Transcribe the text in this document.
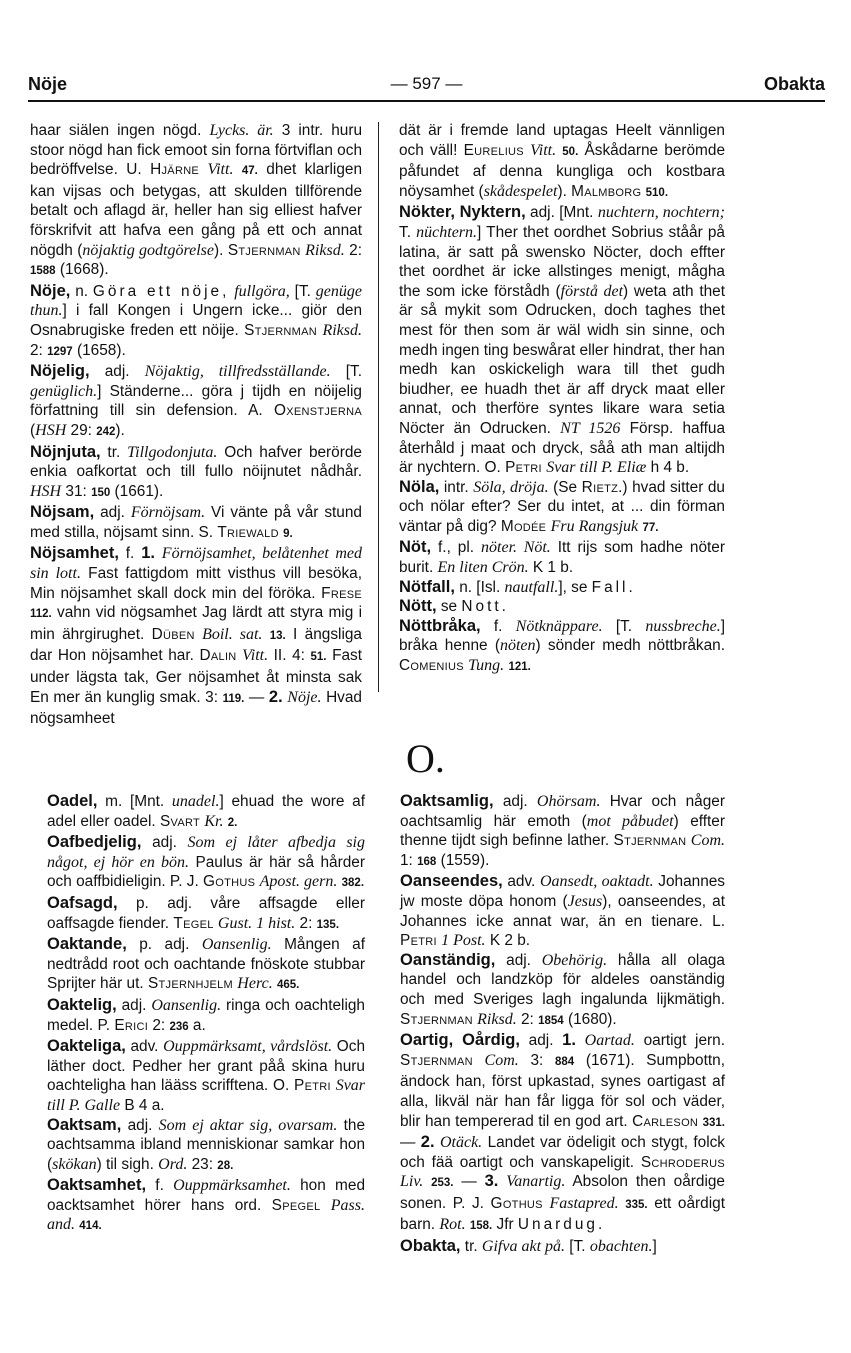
Nöje	— 597 —	Obakta

haar siälen ingen nögd. Lycks. är. 3 intr. huru stoor nögd han fick emoot sin forna förtviflan och bedröffvelse. U. Hjärne Vitt. 47. dhet klarligen kan vijsas och betygas, att skulden tillförende betalt och aflagd är, heller han sig elliest hafver förskrifvit att hafva een gång på ett och annat nögdh (nöjaktig godtgörelse). Stjernman Riksd. 2: 1588 (1668).

Nöje, n. Göra ett nöje, fullgöra, [T. genüge thun.] i fall Kongen i Ungern icke... giör den Osnabrugiske freden ett nöije. Stjernman Riksd. 2: 1297 (1658).

Nöjelig, adj. Nöjaktig, tillfredsställande. [T. genüglich.] Ständerne... göra j tijdh en nöijelig författning till sin defension. A. Oxenstjerna (HSH 29: 242).

Nöjnjuta, tr. Tillgodonjuta. Och hafver berörde enkia oafkortat och till fullo nöijnutet nådhår. HSH 31: 150 (1661).

Nöjsam, adj. Förnöjsam. Vi vänte på vår stund med stilla, nöjsamt sinn. S. Triewald 9.

Nöjsamhet, f. 1. Förnöjsamhet, belåtenhet med sin lott. Fast fattigdom mitt visthus vill besöka, Min nöjsamhet skall dock min del föröka. Frese 112. vahn vid nögsamhet Jag lärdt att styra mig i min ährgirughet. Düben Boil. sat. 13. I ängsliga dar Hon nöjsamhet har. Dalin Vitt. II. 4: 51. Fast under lägsta tak, Ger nöjsamhet åt minsta sak En mer än kunglig smak. 3: 119. — 2. Nöje. Hvad nögsamheet

dät är i fremde land uptagas Heelt vännligen och väll! Eurelius Vitt. 50. Åskådarne berömde påfundet af denna kungliga och kostbara nöysamhet (skådespelet). Malmborg 510.

Nökter, Nyktern, adj. [Mnt. nuchtern, nochtern; T. nüchtern.] Ther thet oordhet Sobrius ståår på latina, är satt på swensko Nöcter, doch effter thet oordhet är icke allstinges menigt, mågha the som icke förstådh (förstå det) weta ath thet är så mykit som Odrucken, doch taghes thet mest för then som är wäl widh sin sinne, och medh ingen ting beswårat eller hindrat, ther han medh kan oskickeligh wara till thet gudh biudher, ee huadh thet är aff dryck maat eller annat, och therföre syntes likare wara setia Nöcter än Odrucken. NT 1526 Försp. haffua återhåld j maat och dryck, såå ath man altijdh är nychtern. O. Petri Svar till P. Eliæ h 4 b.

Nöla, intr. Söla, dröja. (Se Rietz.) hvad sitter du och nölar efter? Ser du intet, at ... din förman väntar på dig? Modée Fru Rangsjuk 77.

Nöt, f., pl. nöter. Nöt. Itt rijs som hadhe nöter burit. En liten Crön. K 1 b.

Nötfall, n. [Isl. nautfall.], se Fall.

Nött, se Nott.

Nöttbråka, f. Nötknäppare. [T. nussbreche.] bråka henne (nöten) sönder medh nöttbråkan. Comenius Tung. 121.

O.

Oadel, m. [Mnt. unadel.] ehuad the wore af adel eller oadel. Svart Kr. 2.

Oafbedjelig, adj. Som ej låter afbedja sig något, ej hör en bön. Paulus är här så hårder och oaffbidieligin. P. J. Gothus Apost. gern. 382.

Oafsagd, p. adj. våre affsagde eller oaffsagde fiender. Tegel Gust. 1 hist. 2: 135.

Oaktande, p. adj. Oansenlig. Mången af nedtrådd root och oachtande fnöskote stubbar Sprijter här ut. Stjernhjelm Herc. 465.

Oaktelig, adj. Oansenlig. ringa och oachteligh medel. P. Erici 2: 236 a.

Oakteliga, adv. Ouppmärksamt, vårdslöst. Och läther doct. Pedher her grant påå skina huru oachteligha han lääss scrifftena. O. Petri Svar till P. Galle B 4 a.

Oaktsam, adj. Som ej aktar sig, ovarsam. the oachtsamma ibland menniskionar samkar hon (skökan) til sigh. Ord. 23: 28.

Oaktsamhet, f. Ouppmärksamhet. hon med oacktsamhet hörer hans ord. Spegel Pass. and. 414.

Oaktsamlig, adj. Ohörsam. Hvar och någer oachtsamlig här emoth (mot påbudet) effter thenne tijdt sigh befinne lather. Stjernman Com. 1: 168 (1559).

Oanseendes, adv. Oansedt, oaktadt. Johannes jw moste döpa honom (Jesus), oanseendes, at Johannes icke annat war, än en tienare. L. Petri 1 Post. K 2 b.

Oanständig, adj. Obehörig. hålla all olaga handel och landzköp för aldeles oanständig och med Sveriges lagh ingalunda lijkmätigh. Stjernman Riksd. 2: 1854 (1680).

Oartig, Oårdig, adj. 1. Oartad. oartigt jern. Stjernman Com. 3: 884 (1671). Sumpbottn, ändock han, först upkastad, synes oartigast af alla, likväl när han får ligga för sol och väder, blir han tempererad til en god art. Carleson 331. — 2. Otäck. Landet var ödeligit och stygt, folck och fää oartigt och vanskapeligit. Schroderus Liv. 253. — 3. Vanartig. Absolon then oårdige sonen. P. J. Gothus Fastapred. 335. ett oårdigt barn. Rot. 158. Jfr Unardug.

Obakta, tr. Gifva akt på. [T. obachten.]
